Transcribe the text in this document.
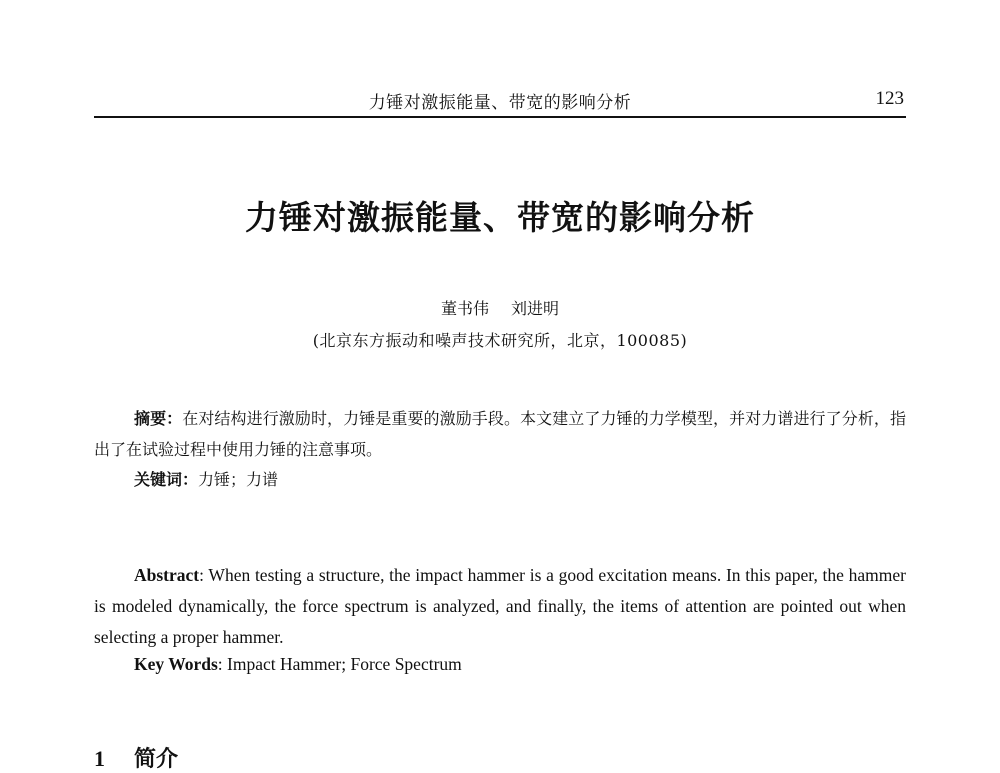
力锤对激振能量、带宽的影响分析	123
力锤对激振能量、带宽的影响分析
董书伟 刘进明
(北京东方振动和噪声技术研究所，北京，100085)

摘要：在对结构进行激励时，力锤是重要的激励手段。本文建立了力锤的力学模型，并对力谱进行了分析，指出了在试验过程中使用力锤的注意事项。

关键词：力锤；力谱

Abstract: When testing a structure, the impact hammer is a good excitation means. In this paper, the hammer is modeled dynamically, the force spectrum is analyzed, and finally, the items of attention are pointed out when selecting a proper hammer.

Key Words: Impact Hammer; Force Spectrum
1 简介
